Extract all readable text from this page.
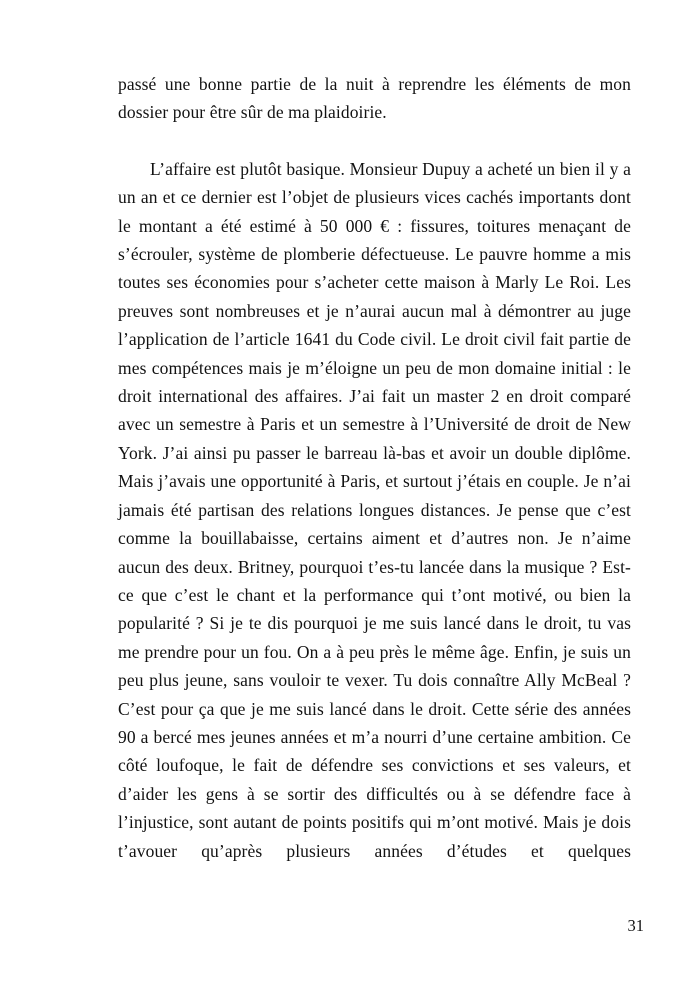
passé une bonne partie de la nuit à reprendre les éléments de mon dossier pour être sûr de ma plaidoirie.

L’affaire est plutôt basique. Monsieur Dupuy a acheté un bien il y a un an et ce dernier est l’objet de plusieurs vices cachés importants dont le montant a été estimé à 50 000 € : fissures, toitures menaçant de s’écrouler, système de plomberie défectueuse. Le pauvre homme a mis toutes ses économies pour s’acheter cette maison à Marly Le Roi. Les preuves sont nombreuses et je n’aurai aucun mal à démontrer au juge l’application de l’article 1641 du Code civil. Le droit civil fait partie de mes compétences mais je m’éloigne un peu de mon domaine initial : le droit international des affaires. J’ai fait un master 2 en droit comparé avec un semestre à Paris et un semestre à l’Université de droit de New York. J’ai ainsi pu passer le barreau là-bas et avoir un double diplôme. Mais j’avais une opportunité à Paris, et surtout j’étais en couple. Je n’ai jamais été partisan des relations longues distances. Je pense que c’est comme la bouillabaisse, certains aiment et d’autres non. Je n’aime aucun des deux. Britney, pourquoi t’es-tu lancée dans la musique ? Est-ce que c’est le chant et la performance qui t’ont motivé, ou bien la popularité ? Si je te dis pourquoi je me suis lancé dans le droit, tu vas me prendre pour un fou. On a à peu près le même âge. Enfin, je suis un peu plus jeune, sans vouloir te vexer. Tu dois connaître Ally McBeal ? C’est pour ça que je me suis lancé dans le droit. Cette série des années 90 a bercé mes jeunes années et m’a nourri d’une certaine ambition. Ce côté loufoque, le fait de défendre ses convictions et ses valeurs, et d’aider les gens à se sortir des difficultés ou à se défendre face à l’injustice, sont autant de points positifs qui m’ont motivé. Mais je dois t’avouer qu’après plusieurs années d’études et quelques

31
